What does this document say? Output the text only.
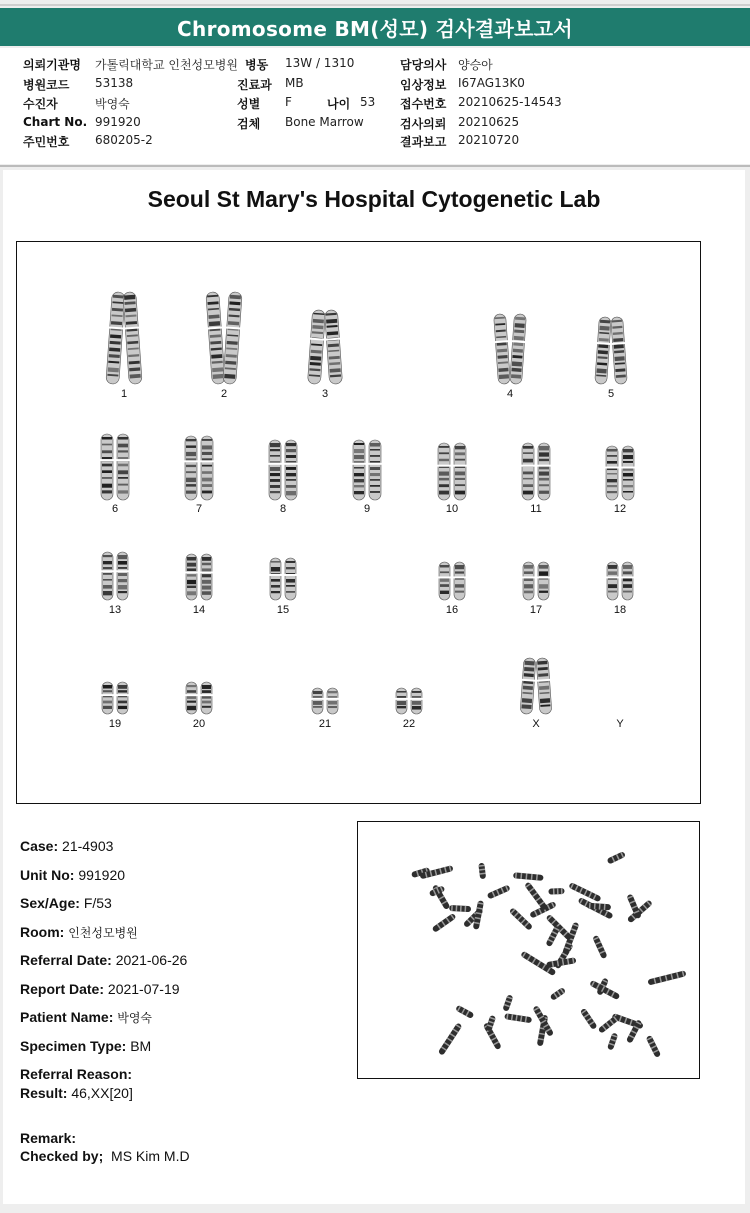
Chromosome BM(성모) 검사결과보고서
의뢰기관명 가톨릭대학교 인천성모병원
병원코드 53138
수진자	박영숙
Chart No. 991920
주민번호 680205-2
병동 13W / 1310
진료과 MB
성별 F	나이 53
검체 Bone Marrow
담당의사 양승아
임상정보 I67AG13K0
접수번호 20210625-14543
검사의뢰 20210625
결과보고 20210720
Seoul St Mary's Hospital Cytogenetic Lab
1	2	3	4	5
6	7	8	9	10	11	12
13	14	15	16	17	18
19	20	21	22	X	Y
Case: 21-4903
Unit No: 991920
Sex/Age: F/53
Room: 인천성모병원
Referral Date: 2021-06-26
Report Date: 2021-07-19
Patient Name: 박영숙
Specimen Type: BM
Referral Reason:
Result: 46,XX[20]
Remark:
Checked by; MS Kim M.D
